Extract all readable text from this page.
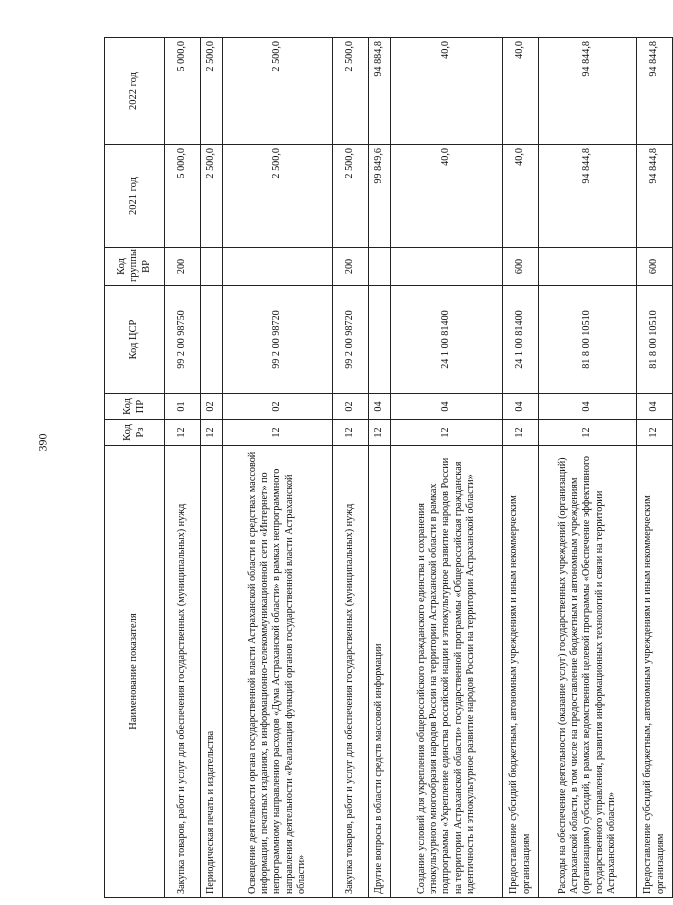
390
Наименование показателя	Код Рз	Код ПР	Код ЦСР	Код группы ВР	2021 год	2022 год
Закупка товаров, работ и услуг для обеспечения государственных (муниципальных) нужд	12	01	99 2 00 98750	200	5 000,0	5 000,0
Периодическая печать и издательства	12	02			2 500,0	2 500,0
Освещение деятельности органа государственной власти Астраханской области в средствах массовой информации, печатных изданиях, в информационно-телекоммуникационной сети «Интернет» по непрограммному направлению расходов «Дума Астраханской области» в рамках непрограммного направления деятельности «Реализация функций органов государственной власти Астраханской области»	12	02	99 2 00 98720		2 500,0	2 500,0
Закупка товаров, работ и услуг для обеспечения государственных (муниципальных) нужд	12	02	99 2 00 98720	200	2 500,0	2 500,0
Другие вопросы в области средств массовой информации	12	04			99 849,6	94 884,8
Создание условий для укрепления общероссийского гражданского единства и сохранения этнокультурного многообразия народов России на территории Астраханской области в рамках подпрограммы «Укрепление единства российской нации и этнокультурное развитие народов России на территории Астраханской области» государственной программы «Общероссийская гражданская идентичность и этнокультурное развитие народов России на территории Астраханской области»	12	04	24 1 00 81400		40,0	40,0
Предоставление субсидий бюджетным, автономным учреждениям и иным некоммерческим организациям	12	04	24 1 00 81400	600	40,0	40,0
Расходы на обеспечение деятельности (оказание услуг) государственных учреждений (организаций) Астраханской области, в том числе на предоставление бюджетным и автономным учреждениям (организациям) субсидий, в рамках ведомственной целевой программы «Обеспечение эффективного государственного управления, развития информационных технологий и связи на территории Астраханской области»	12	04	81 8 00 10510		94 844,8	94 844,8
Предоставление субсидий бюджетным, автономным учреждениям и иным некоммерческим организациям	12	04	81 8 00 10510	600	94 844,8	94 844,8
